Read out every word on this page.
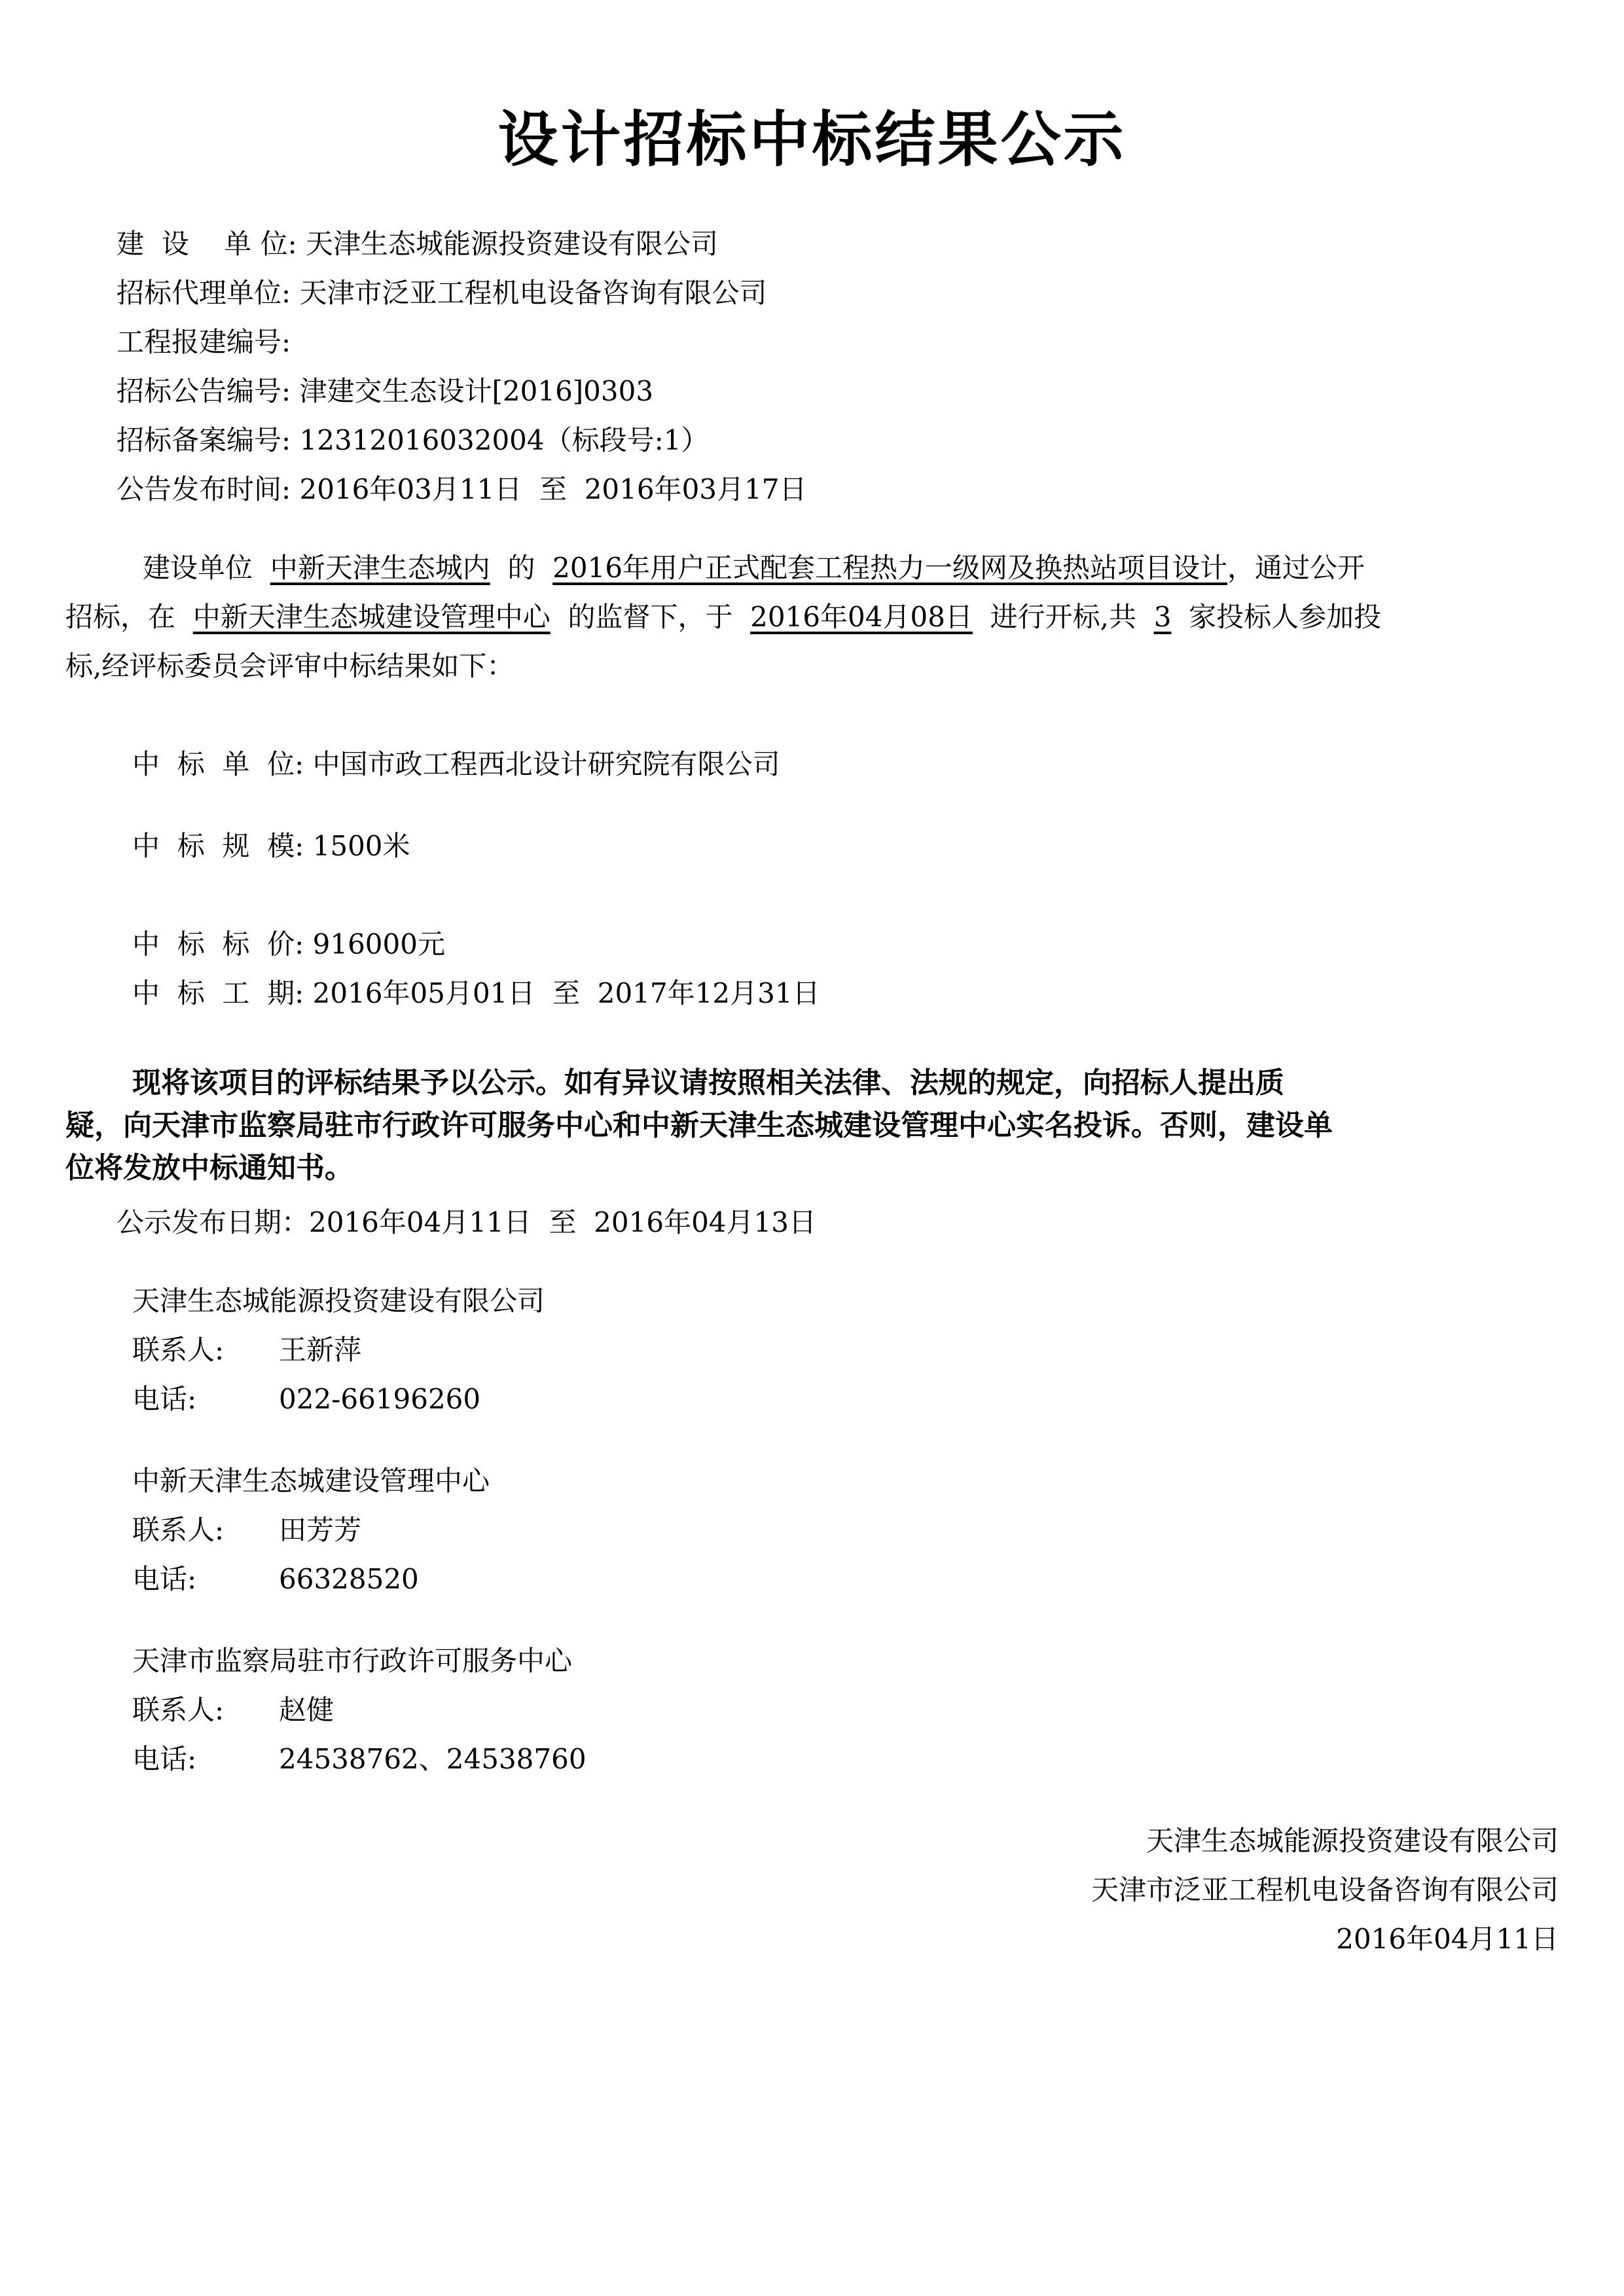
设计招标中标结果公示
建  设    单 位: 天津生态城能源投资建设有限公司
招标代理单位: 天津市泛亚工程机电设备咨询有限公司
工程报建编号:
招标公告编号: 津建交生态设计[2016]0303
招标备案编号: 12312016032004（标段号:1）
公告发布时间: 2016年03月11日  至  2016年03月17日
建设单位 中新天津生态城内 的 2016年用户正式配套工程热力一级网及换热站项目设计，通过公开
招标，在 中新天津生态城建设管理中心 的监督下，于 2016年04月08日 进行开标,共 3 家投标人参加投
标,经评标委员会评审中标结果如下：
中  标  单  位: 中国市政工程西北设计研究院有限公司
中  标  规  模: 1500米
中  标  标  价: 916000元
中  标  工  期: 2016年05月01日  至  2017年12月31日
现将该项目的评标结果予以公示。如有异议请按照相关法律、法规的规定，向招标人提出质
疑，向天津市监察局驻市行政许可服务中心和中新天津生态城建设管理中心实名投诉。否则，建设单
位将发放中标通知书。
公示发布日期：2016年04月11日  至  2016年04月13日
天津生态城能源投资建设有限公司
联系人: 王新萍
电话:	022-66196260
中新天津生态城建设管理中心
联系人: 田芳芳
电话:	66328520
天津市监察局驻市行政许可服务中心
联系人: 赵健
电话:	24538762、24538760
天津生态城能源投资建设有限公司
天津市泛亚工程机电设备咨询有限公司
2016年04月11日
